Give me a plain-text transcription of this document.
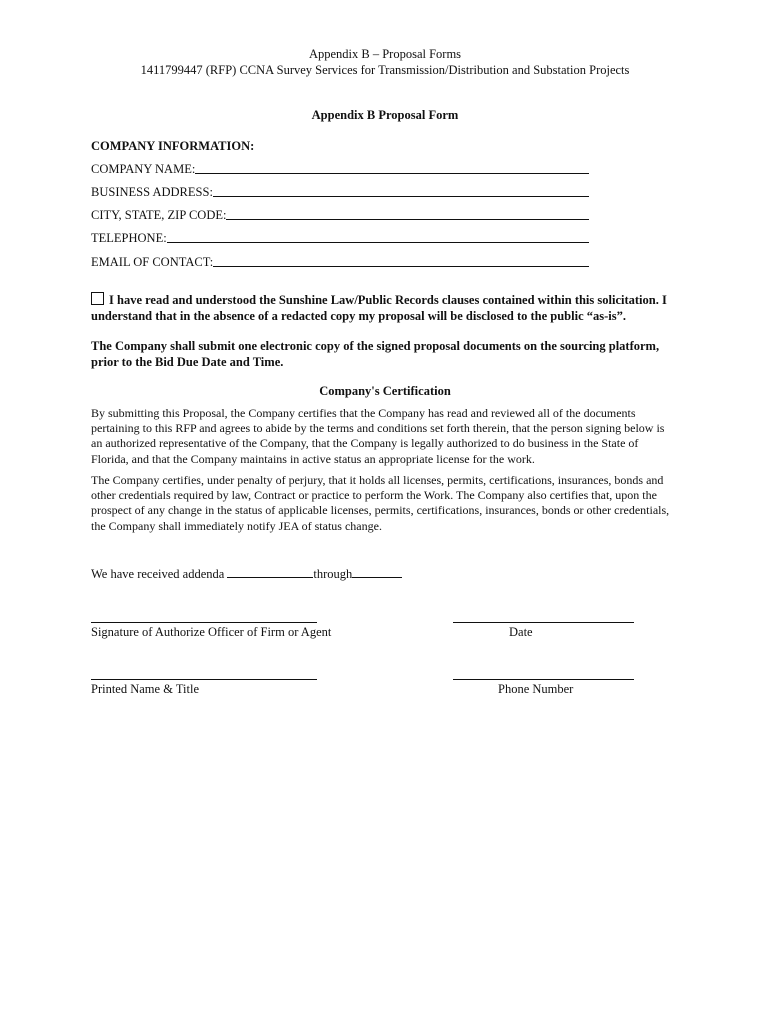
Appendix B – Proposal Forms
1411799447 (RFP) CCNA Survey Services for Transmission/Distribution and Substation Projects
Appendix B Proposal Form
COMPANY INFORMATION:
COMPANY NAME:
BUSINESS ADDRESS:
CITY, STATE, ZIP CODE:
TELEPHONE:
EMAIL OF CONTACT:
I have read and understood the Sunshine Law/Public Records clauses contained within this solicitation. I understand that in the absence of a redacted copy my proposal will be disclosed to the public “as-is”.
The Company shall submit one electronic copy of the signed proposal documents on the sourcing platform, prior to the Bid Due Date and Time.
Company's Certification
By submitting this Proposal, the Company certifies that the Company has read and reviewed all of the documents pertaining to this RFP and agrees to abide by the terms and conditions set forth therein, that the person signing below is an authorized representative of the Company, that the Company is legally authorized to do business in the State of Florida, and that the Company maintains in active status an appropriate license for the work.
The Company certifies, under penalty of perjury, that it holds all licenses, permits, certifications, insurances, bonds and other credentials required by law, Contract or practice to perform the Work. The Company also certifies that, upon the prospect of any change in the status of applicable licenses, permits, certifications, insurances, bonds or other credentials, the Company shall immediately notify JEA of status change.
We have received addenda	through
Signature of Authorize Officer of Firm or Agent	Date
Printed Name & Title	Phone Number
